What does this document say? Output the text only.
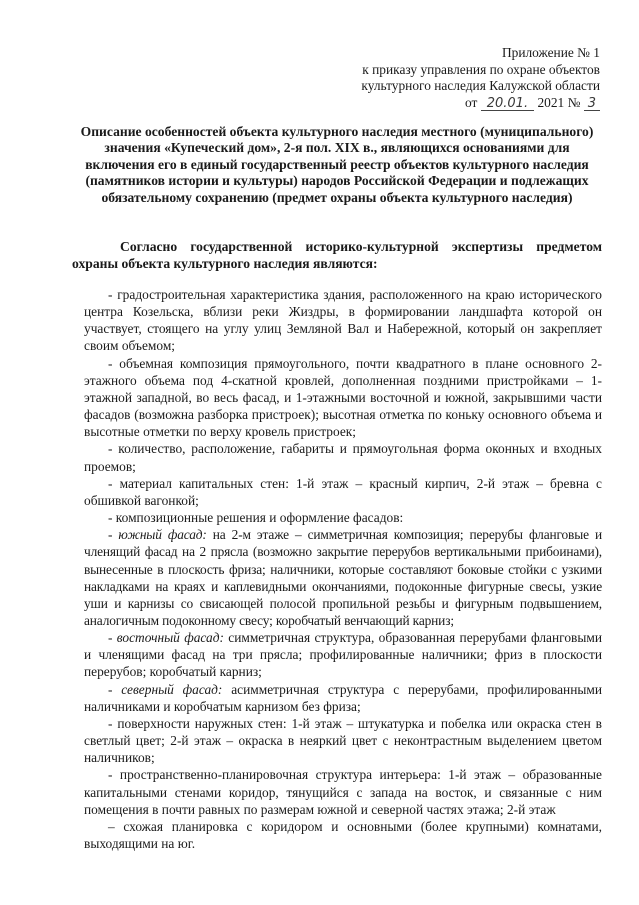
Приложение № 1
к приказу управления по охране объектов
культурного наследия Калужской области
от 20.01. 2021 № 3
Описание особенностей объекта культурного наследия местного (муниципального) значения «Купеческий дом», 2-я пол. XIX в., являющихся основаниями для включения его в единый государственный реестр объектов культурного наследия (памятников истории и культуры) народов Российской Федерации и подлежащих обязательному сохранению (предмет охраны объекта культурного наследия)
Согласно государственной историко-культурной экспертизы предметом охраны объекта культурного наследия являются:

- градостроительная характеристика здания, расположенного на краю исторического центра Козельска, вблизи реки Жиздры, в формировании ландшафта которой он участвует, стоящего на углу улиц Земляной Вал и Набережной, который он закрепляет своим объемом;

- объемная композиция прямоугольного, почти квадратного в плане основного 2-этажного объема под 4-скатной кровлей, дополненная поздними пристройками – 1-этажной западной, во весь фасад, и 1-этажными восточной и южной, закрывшими части фасадов (возможна разборка пристроек); высотная отметка по коньку основного объема и высотные отметки по верху кровель пристроек;

- количество, расположение, габариты и прямоугольная форма оконных и входных проемов;

- материал капитальных стен: 1-й этаж – красный кирпич, 2-й этаж – бревна с обшивкой вагонкой;

- композиционные решения и оформление фасадов:

- южный фасад: на 2-м этаже – симметричная композиция; перерубы фланговые и членящий фасад на 2 прясла (возможно закрытие перерубов вертикальными прибоинами), вынесенные в плоскость фриза; наличники, которые составляют боковые стойки с узкими накладками на краях и каплевидными окончаниями, подоконные фигурные свесы, узкие уши и карнизы со свисающей полосой пропильной резьбы и фигурным подвышением, аналогичным подоконному свесу; коробчатый венчающий карниз;

- восточный фасад: симметричная структура, образованная перерубами фланговыми и членящими фасад на три прясла; профилированные наличники; фриз в плоскости перерубов; коробчатый карниз;

- северный фасад: асимметричная структура с перерубами, профилированными наличниками и коробчатым карнизом без фриза;

- поверхности наружных стен: 1-й этаж – штукатурка и побелка или окраска стен в светлый цвет; 2-й этаж – окраска в неяркий цвет с неконтрастным выделением цветом наличников;

- пространственно-планировочная структура интерьера: 1-й этаж – образованные капитальными стенами коридор, тянущийся с запада на восток, и связанные с ним помещения в почти равных по размерам южной и северной частях этажа; 2-й этаж

– схожая планировка с коридором и основными (более крупными) комнатами, выходящими на юг.
